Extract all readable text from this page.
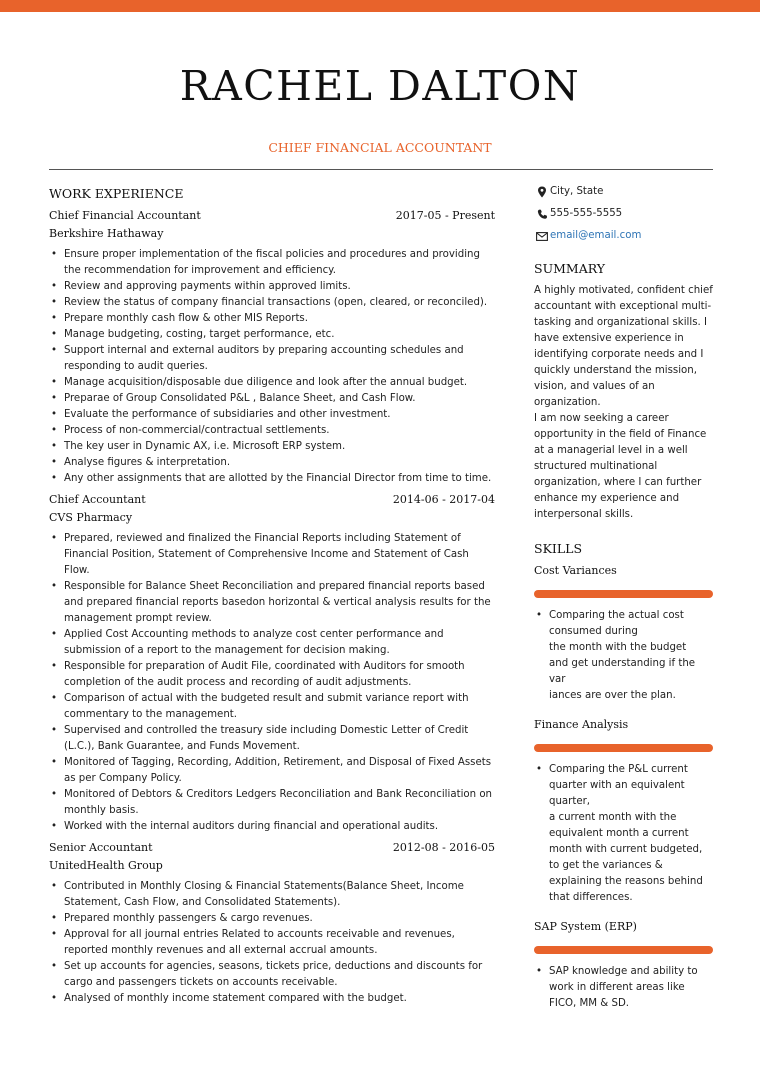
RACHEL DALTON
CHIEF FINANCIAL ACCOUNTANT
WORK EXPERIENCE
Chief Financial Accountant	2017-05 - Present
Berkshire Hathaway
• Ensure proper implementation of the fiscal policies and procedures and providing the recommendation for improvement and efficiency.
• Review and approving payments within approved limits.
• Review the status of company financial transactions (open, cleared, or reconciled).
• Prepare monthly cash flow & other MIS Reports.
• Manage budgeting, costing, target performance, etc.
• Support internal and external auditors by preparing accounting schedules and responding to audit queries.
• Manage acquisition/disposable due diligence and look after the annual budget.
• Preparae of Group Consolidated P&L , Balance Sheet, and Cash Flow.
• Evaluate the performance of subsidiaries and other investment.
• Process of non-commercial/contractual settlements.
• The key user in Dynamic AX, i.e. Microsoft ERP system.
• Analyse figures & interpretation.
• Any other assignments that are allotted by the Financial Director from time to time.
Chief Accountant	2014-06 - 2017-04
CVS Pharmacy
• Prepared, reviewed and finalized the Financial Reports including Statement of Financial Position, Statement of Comprehensive Income and Statement of Cash Flow.
• Responsible for Balance Sheet Reconciliation and prepared financial reports based and prepared financial reports basedon horizontal & vertical analysis results for the management prompt review.
• Applied Cost Accounting methods to analyze cost center performance and submission of a report to the management for decision making.
• Responsible for preparation of Audit File, coordinated with Auditors for smooth completion of the audit process and recording of audit adjustments.
• Comparison of actual with the budgeted result and submit variance report with commentary to the management.
• Supervised and controlled the treasury side including Domestic Letter of Credit (L.C.), Bank Guarantee, and Funds Movement.
• Monitored of Tagging, Recording, Addition, Retirement, and Disposal of Fixed Assets as per Company Policy.
• Monitored of Debtors & Creditors Ledgers Reconciliation and Bank Reconciliation on monthly basis.
• Worked with the internal auditors during financial and operational audits.
Senior Accountant	2012-08 - 2016-05
UnitedHealth Group
• Contributed in Monthly Closing & Financial Statements(Balance Sheet, Income Statement, Cash Flow, and Consolidated Statements).
• Prepared monthly passengers & cargo revenues.
• Approval for all journal entries Related to accounts receivable and revenues, reported monthly revenues and all external accrual amounts.
• Set up accounts for agencies, seasons, tickets price, deductions and discounts for cargo and passengers tickets on accounts receivable.
• Analysed of monthly income statement compared with the budget.
City, State
555-555-5555
email@email.com
SUMMARY
A highly motivated, confident chief
accountant with exceptional multi-
tasking and organizational skills. I
have extensive experience in
identifying corporate needs and I
quickly understand the mission,
vision, and values of an
organization.
I am now seeking a career
opportunity in the field of Finance
at a managerial level in a well
structured multinational
organization, where I can further
enhance my experience and
interpersonal skills.
SKILLS
Cost Variances
• Comparing the actual cost
consumed during
the month with the budget
and get understanding if the var
iances are over the plan.
Finance Analysis
• Comparing the P&L current
quarter with an equivalent
quarter,
a current month with the
equivalent month a current
month with current budgeted,
to get the variances &
explaining the reasons behind
that differences.
SAP System (ERP)
• SAP knowledge and ability to
work in different areas like
FICO, MM & SD.
